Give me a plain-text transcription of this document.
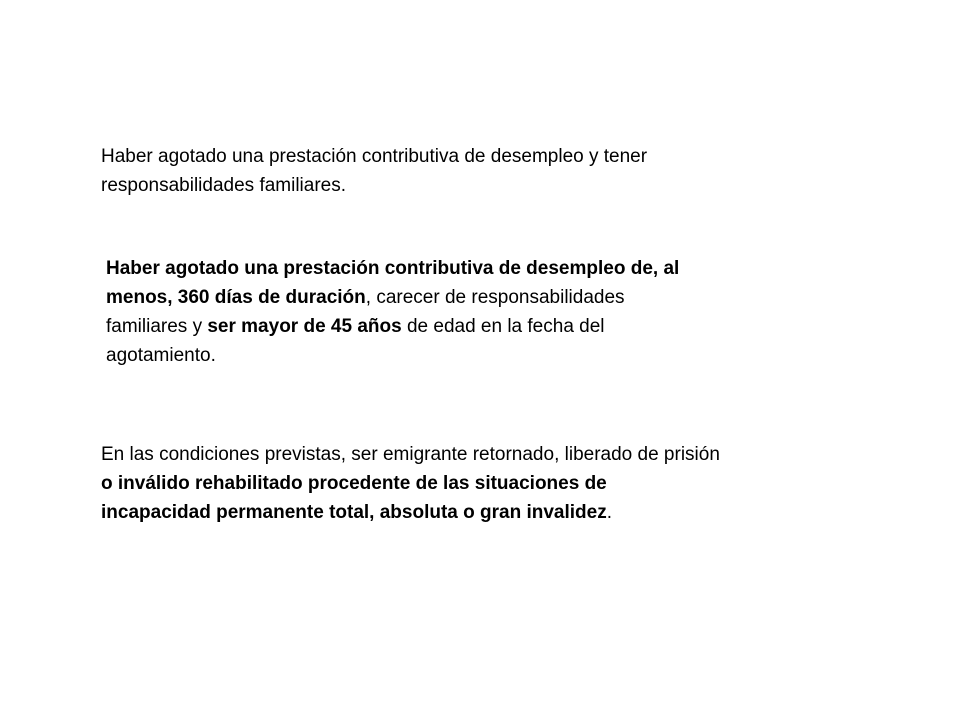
Haber agotado una prestación contributiva de desempleo y tener
responsabilidades familiares.

Haber agotado una prestación contributiva de desempleo de, al
menos, 360 días de duración, carecer de responsabilidades
familiares y ser mayor de 45 años de edad en la fecha del
agotamiento.

En las condiciones previstas, ser emigrante retornado, liberado de prisión
o inválido rehabilitado procedente de las situaciones de
incapacidad permanente total, absoluta o gran invalidez.
